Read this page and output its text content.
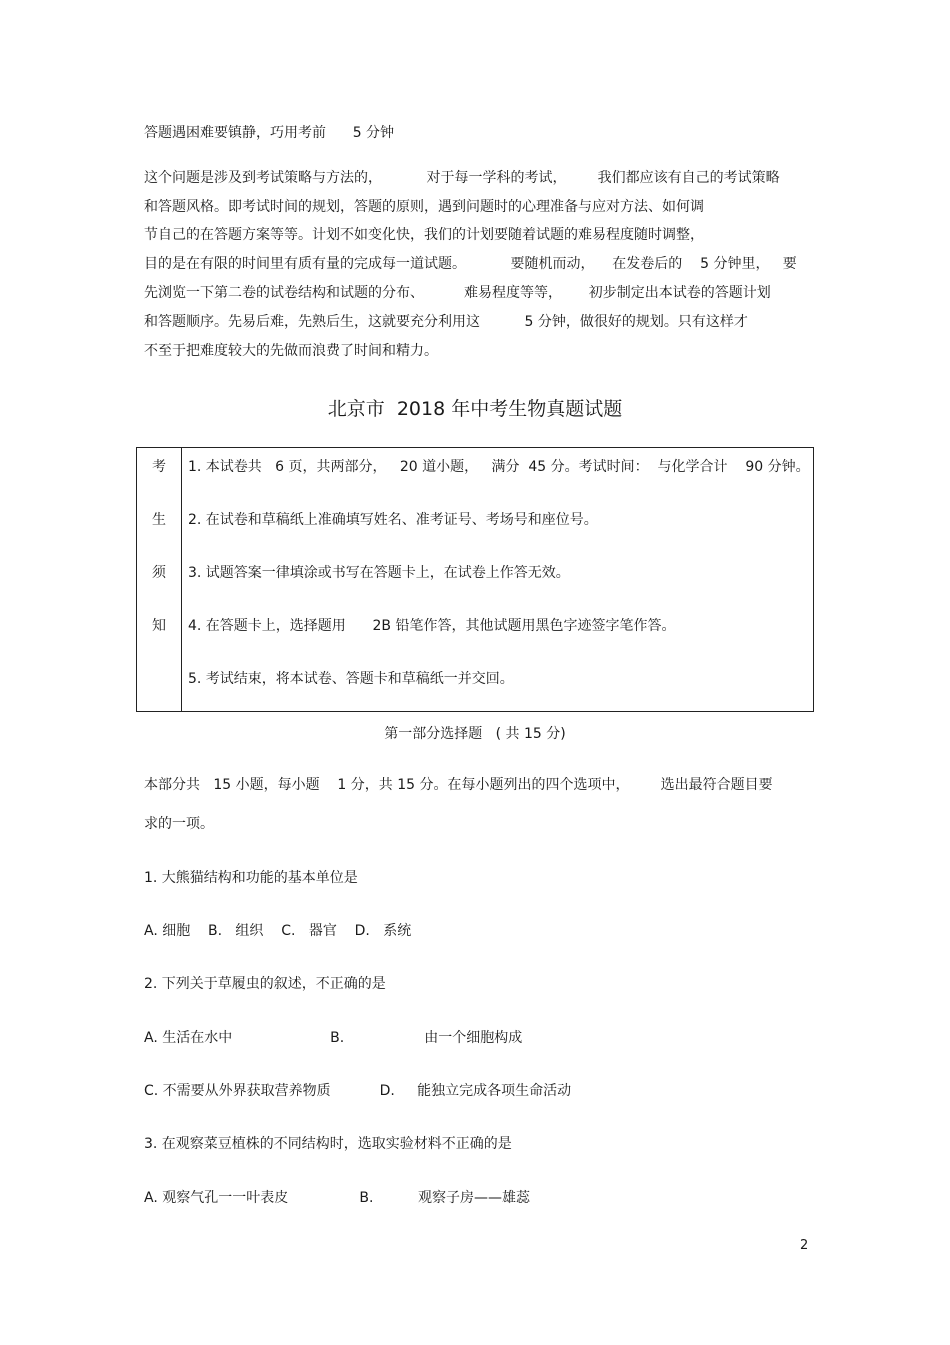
答题遇困难要镇静，巧用考前      5 分钟
这个问题是涉及到考试策略与方法的，          对于每一学科的考试，       我们都应该有自己的考试策略
和答题风格。即考试时间的规划，答题的原则，遇到问题时的心理准备与应对方法、如何调
节自己的在答题方案等等。计划不如变化快，我们的计划要随着试题的难易程度随时调整，
目的是在有限的时间里有质有量的完成每一道试题。          要随机而动，    在发卷后的    5 分钟里，   要
先浏览一下第二卷的试卷结构和试题的分布、         难易程度等等，      初步制定出本试卷的答题计划
和答题顺序。先易后难，先熟后生，这就要充分利用这          5 分钟，做很好的规划。只有这样才
不至于把难度较大的先做而浪费了时间和精力。
北京市  2018 年中考生物真题试题
考
生
须
知
1. 本试卷共   6 页，共两部分，   20 道小题，   满分  45 分。考试时间：  与化学合计    90 分钟。
2. 在试卷和草稿纸上准确填写姓名、准考证号、考场号和座位号。
3. 试题答案一律填涂或书写在答题卡上，在试卷上作答无效。
4. 在答题卡上，选择题用      2B 铅笔作答，其他试题用黑色字迹签字笔作答。
5. 考试结束，将本试卷、答题卡和草稿纸一并交回。
第一部分选择题   ( 共 15 分)
本部分共   15 小题，每小题    1 分，共 15 分。在每小题列出的四个选项中，       选出最符合题目要
求的一项。
1. 大熊猫结构和功能的基本单位是
A. 细胞    B.   组织    C.   器官    D.   系统
2. 下列关于草履虫的叙述，不正确的是
A. 生活在水中                      B.                  由一个细胞构成
C. 不需要从外界获取营养物质           D.     能独立完成各项生命活动
3. 在观察菜豆植株的不同结构时，选取实验材料不正确的是
A. 观察气孔一一叶表皮                B.          观察子房——雄蕊
2
